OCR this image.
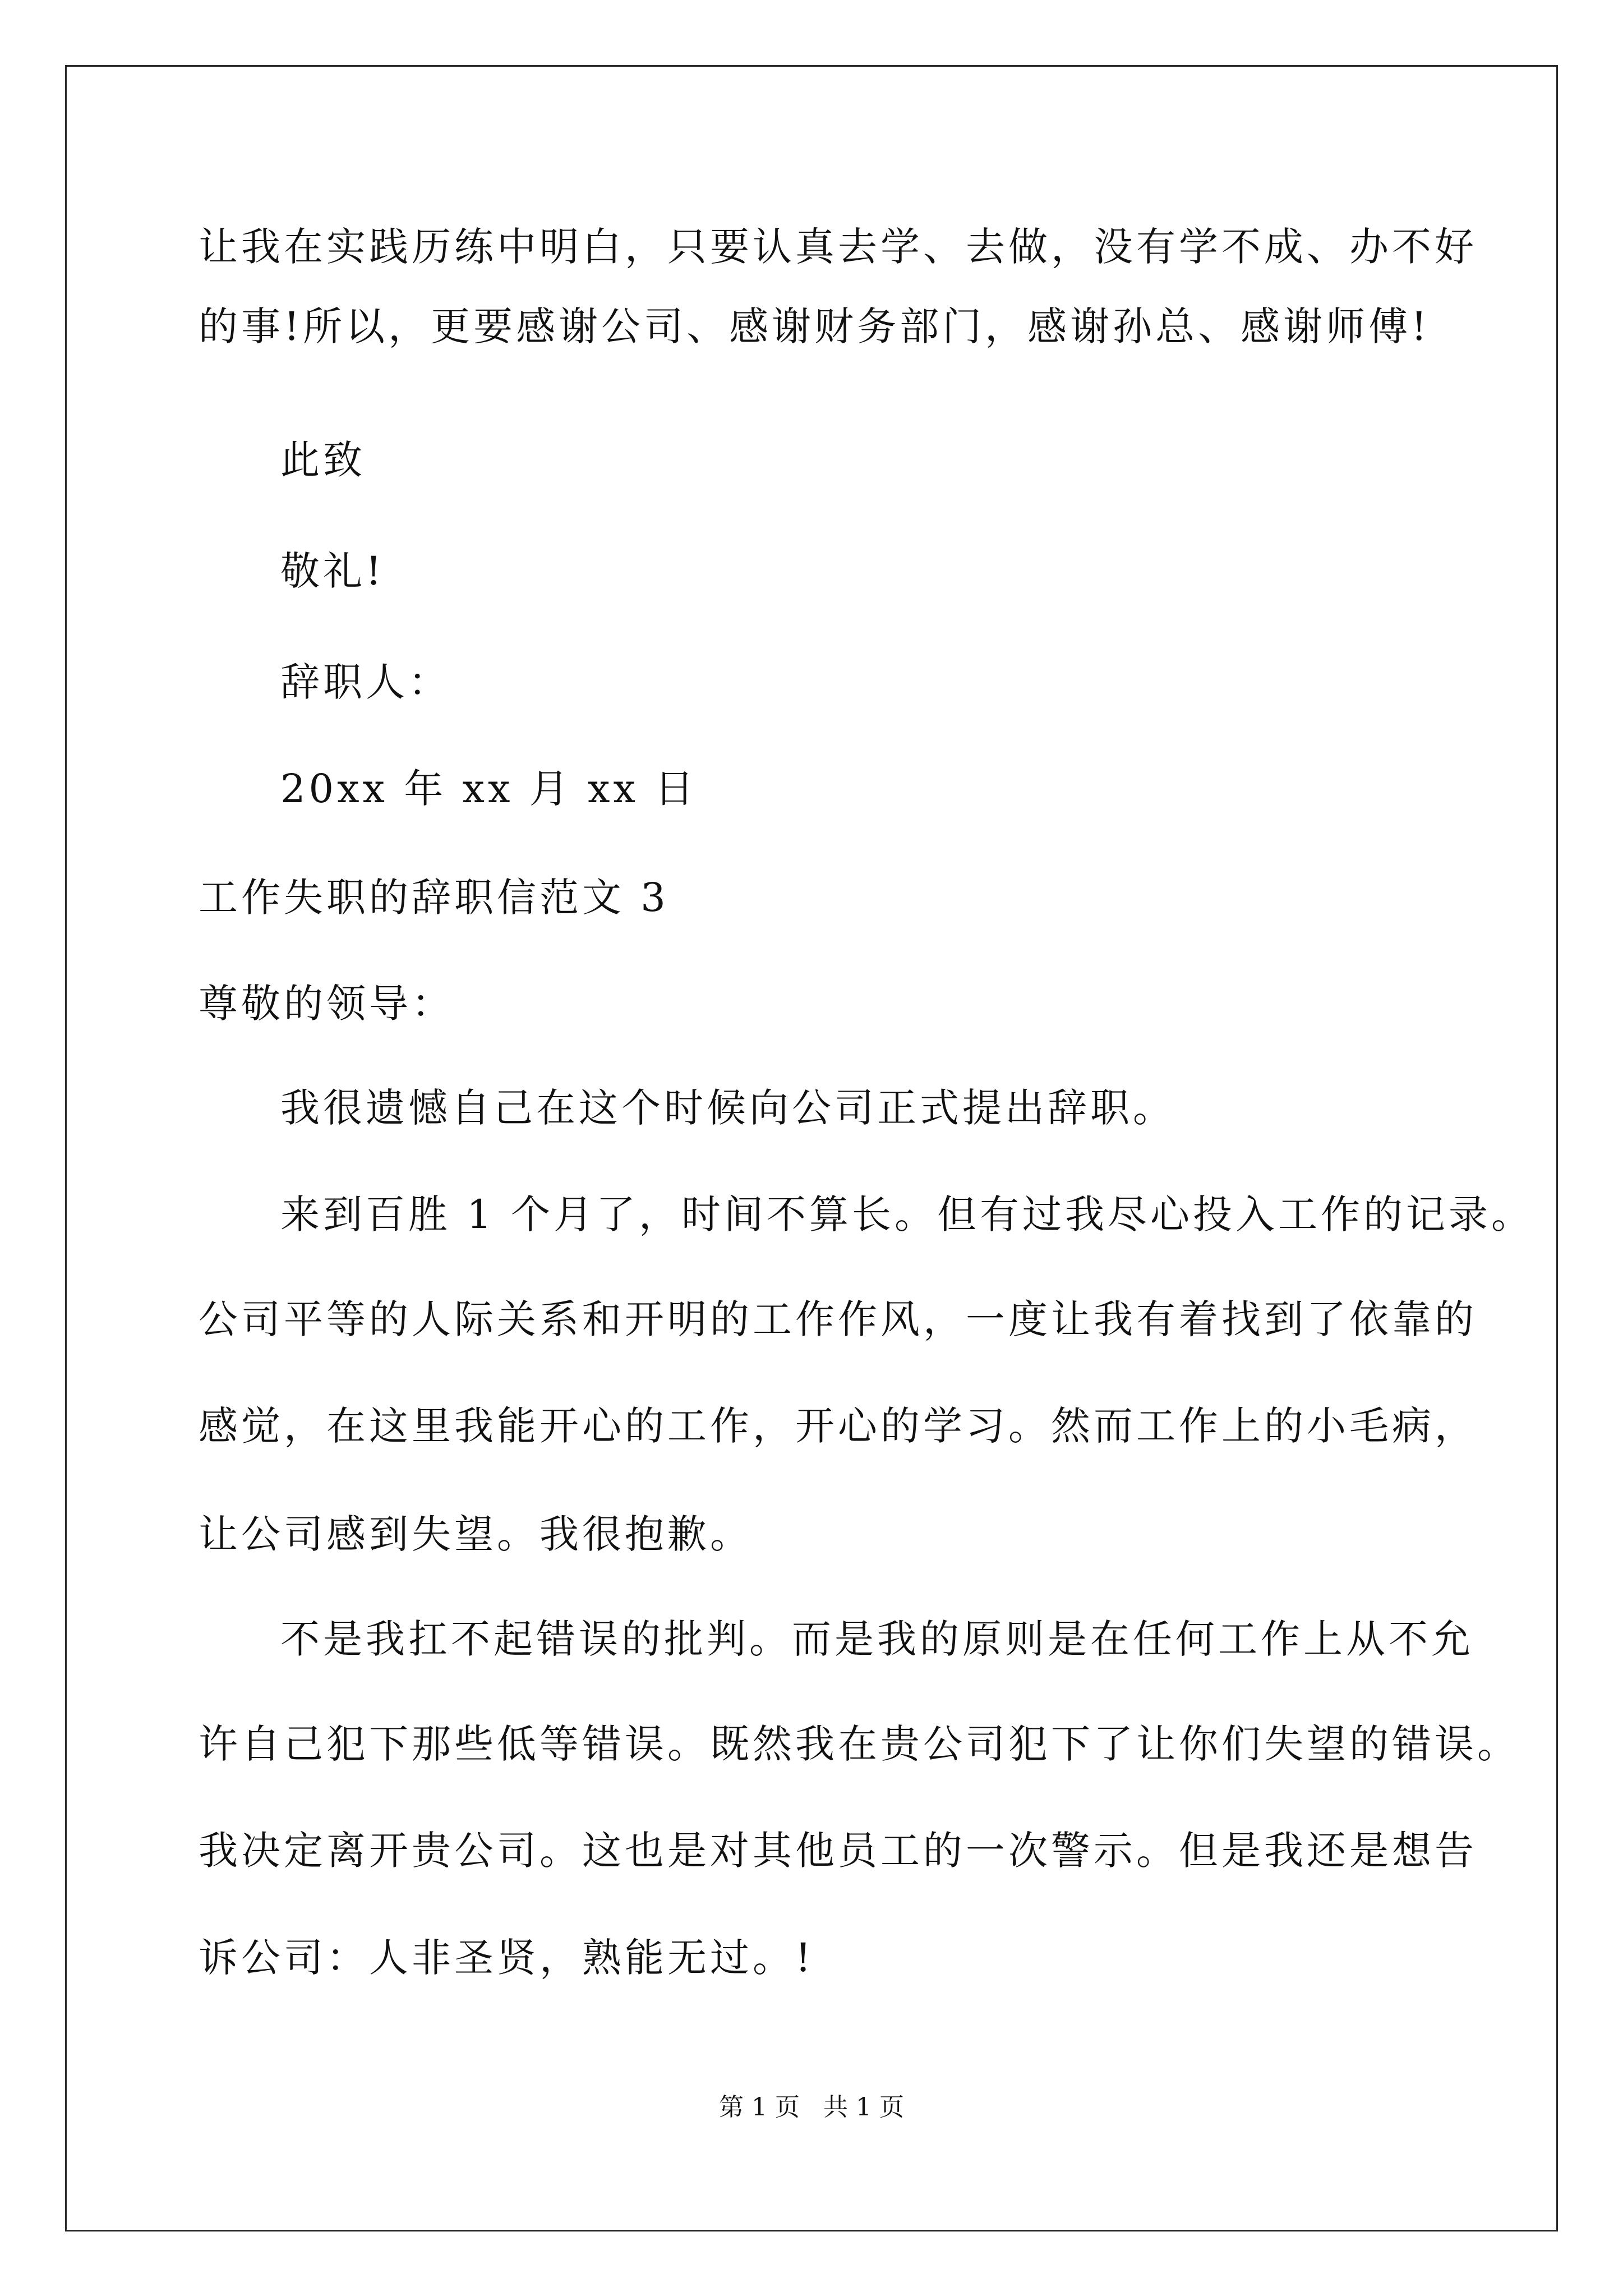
让我在实践历练中明白，只要认真去学、去做，没有学不成、办不好
的事!所以，更要感谢公司、感谢财务部门，感谢孙总、感谢师傅!
此致
敬礼!
辞职人：
20xx 年 xx 月 xx 日
工作失职的辞职信范文 3
尊敬的领导：
我很遗憾自己在这个时候向公司正式提出辞职。
来到百胜 1 个月了，时间不算长。但有过我尽心投入工作的记录。
公司平等的人际关系和开明的工作作风，一度让我有着找到了依靠的
感觉，在这里我能开心的工作，开心的学习。然而工作上的小毛病，
让公司感到失望。我很抱歉。
不是我扛不起错误的批判。而是我的原则是在任何工作上从不允
许自己犯下那些低等错误。既然我在贵公司犯下了让你们失望的错误。
我决定离开贵公司。这也是对其他员工的一次警示。但是我还是想告
诉公司：人非圣贤，熟能无过。!
第 1 页   共 1 页
